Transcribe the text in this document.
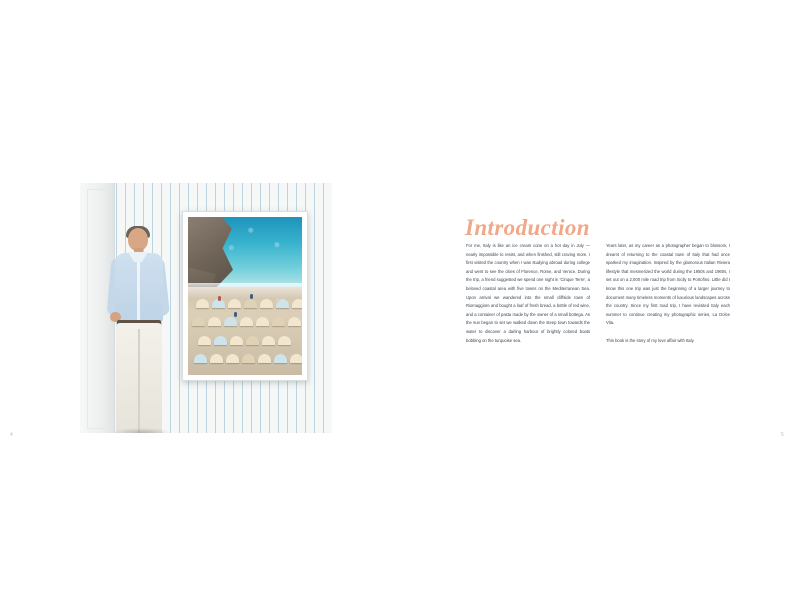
Introduction

For me, Italy is like an ice cream cone on a hot day in July — nearly impossible to resist, and when finished, still craving more. I first visited the country when I was studying abroad during college and went to see the cities of Florence, Rome, and Venice. During the trip, a friend suggested we spend one night in 'Cinque Terre', a beloved coastal area with five towns on the Mediterranean Sea. Upon arrival we wandered into the small cliffside town of Riomaggiore and bought a loaf of fresh bread, a bottle of red wine, and a container of pasta made by the owner of a small bottega. As the sun began to set we walked down the steep town towards the water to discover a darling harbour of brightly colored boats bobbing on the turquoise sea.

Years later, as my career as a photographer began to blossom, I dreamt of returning to the coastal town of Italy that had once sparked my imagination. Inspired by the glamorous Italian Riviera lifestyle that mesmerized the world during the 1950s and 1960s, I set out on a 2,000 mile road trip from Sicily to Portofino. Little did I know this one trip was just the beginning of a larger journey to document many timeless moments of luxurious landscapes across the country. Since my first road trip, I have revisited Italy each summer to continue creating my photographic series, La Dolce Vita.

This book is the story of my love affair with Italy.

4	5
